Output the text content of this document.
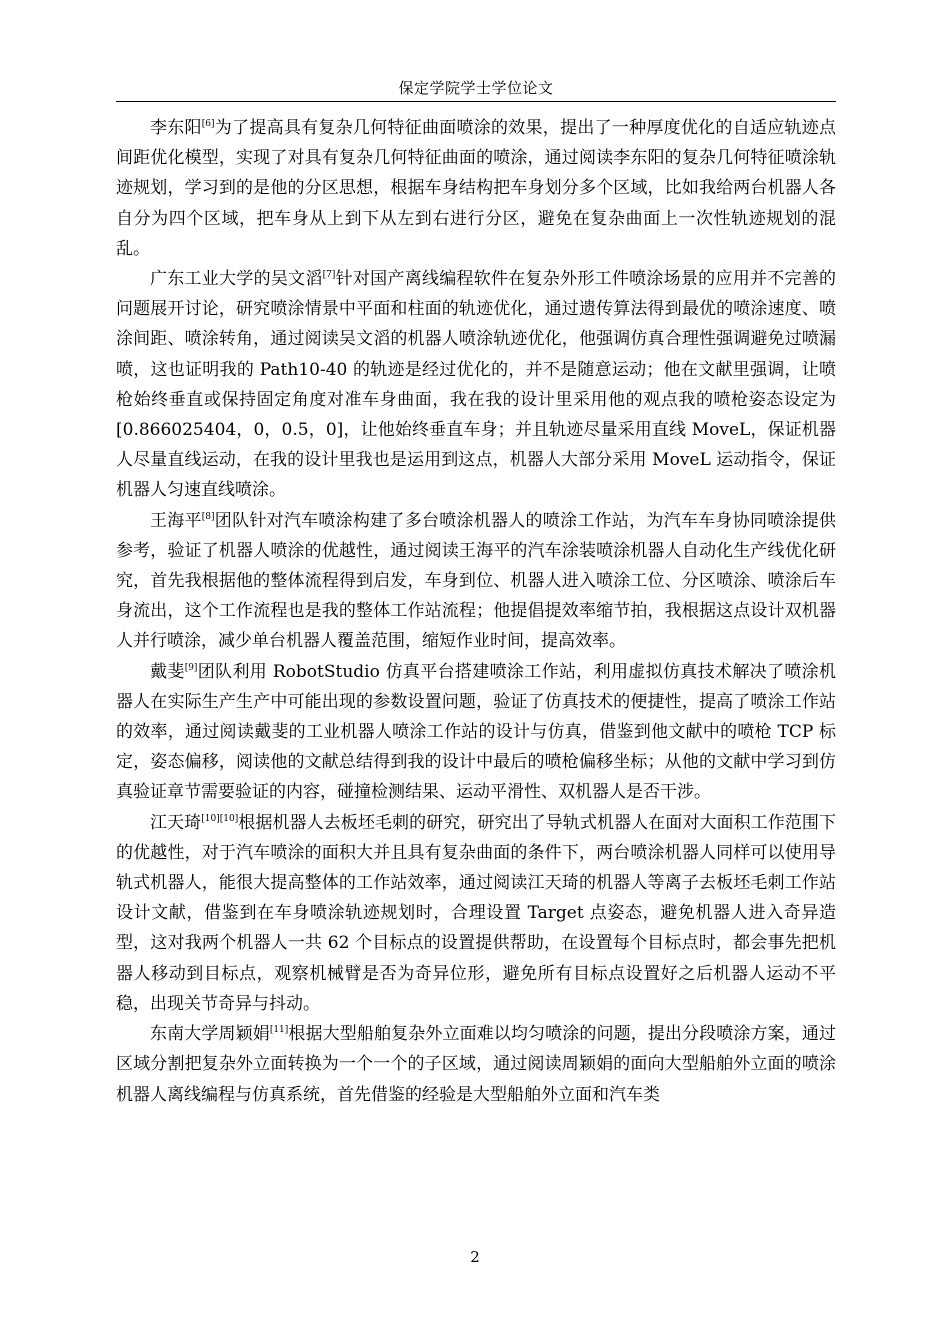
保定学院学士学位论文

李东阳[6]为了提高具有复杂几何特征曲面喷涂的效果，提出了一种厚度优化的自适应轨迹点间距优化模型，实现了对具有复杂几何特征曲面的喷涂，通过阅读李东阳的复杂几何特征喷涂轨迹规划，学习到的是他的分区思想，根据车身结构把车身划分多个区域，比如我给两台机器人各自分为四个区域，把车身从上到下从左到右进行分区，避免在复杂曲面上一次性轨迹规划的混乱。

广东工业大学的吴文滔[7]针对国产离线编程软件在复杂外形工件喷涂场景的应用并不完善的问题展开讨论，研究喷涂情景中平面和柱面的轨迹优化，通过遗传算法得到最优的喷涂速度、喷涂间距、喷涂转角，通过阅读吴文滔的机器人喷涂轨迹优化，他强调仿真合理性强调避免过喷漏喷，这也证明我的 Path10-40 的轨迹是经过优化的，并不是随意运动；他在文献里强调，让喷枪始终垂直或保持固定角度对准车身曲面，我在我的设计里采用他的观点我的喷枪姿态设定为[0.866025404，0，0.5，0]，让他始终垂直车身；并且轨迹尽量采用直线 MoveL，保证机器人尽量直线运动，在我的设计里我也是运用到这点，机器人大部分采用 MoveL 运动指令，保证机器人匀速直线喷涂。

王海平[8]团队针对汽车喷涂构建了多台喷涂机器人的喷涂工作站，为汽车车身协同喷涂提供参考，验证了机器人喷涂的优越性，通过阅读王海平的汽车涂装喷涂机器人自动化生产线优化研究，首先我根据他的整体流程得到启发，车身到位、机器人进入喷涂工位、分区喷涂、喷涂后车身流出，这个工作流程也是我的整体工作站流程；他提倡提效率缩节拍，我根据这点设计双机器人并行喷涂，减少单台机器人覆盖范围，缩短作业时间，提高效率。

戴斐[9]团队利用 RobotStudio 仿真平台搭建喷涂工作站，利用虚拟仿真技术解决了喷涂机器人在实际生产生产中可能出现的参数设置问题，验证了仿真技术的便捷性，提高了喷涂工作站的效率，通过阅读戴斐的工业机器人喷涂工作站的设计与仿真，借鉴到他文献中的喷枪 TCP 标定，姿态偏移，阅读他的文献总结得到我的设计中最后的喷枪偏移坐标；从他的文献中学习到仿真验证章节需要验证的内容，碰撞检测结果、运动平滑性、双机器人是否干涉。

江天琦[10][10]根据机器人去板坯毛刺的研究，研究出了导轨式机器人在面对大面积工作范围下的优越性，对于汽车喷涂的面积大并且具有复杂曲面的条件下，两台喷涂机器人同样可以使用导轨式机器人，能很大提高整体的工作站效率，通过阅读江天琦的机器人等离子去板坯毛刺工作站设计文献，借鉴到在车身喷涂轨迹规划时，合理设置 Target 点姿态，避免机器人进入奇异造型，这对我两个机器人一共 62 个目标点的设置提供帮助，在设置每个目标点时，都会事先把机器人移动到目标点，观察机械臂是否为奇异位形，避免所有目标点设置好之后机器人运动不平稳，出现关节奇异与抖动。

东南大学周颖娟[11]根据大型船舶复杂外立面难以均匀喷涂的问题，提出分段喷涂方案，通过区域分割把复杂外立面转换为一个一个的子区域，通过阅读周颖娟的面向大型船舶外立面的喷涂机器人离线编程与仿真系统，首先借鉴的经验是大型船舶外立面和汽车类

2
